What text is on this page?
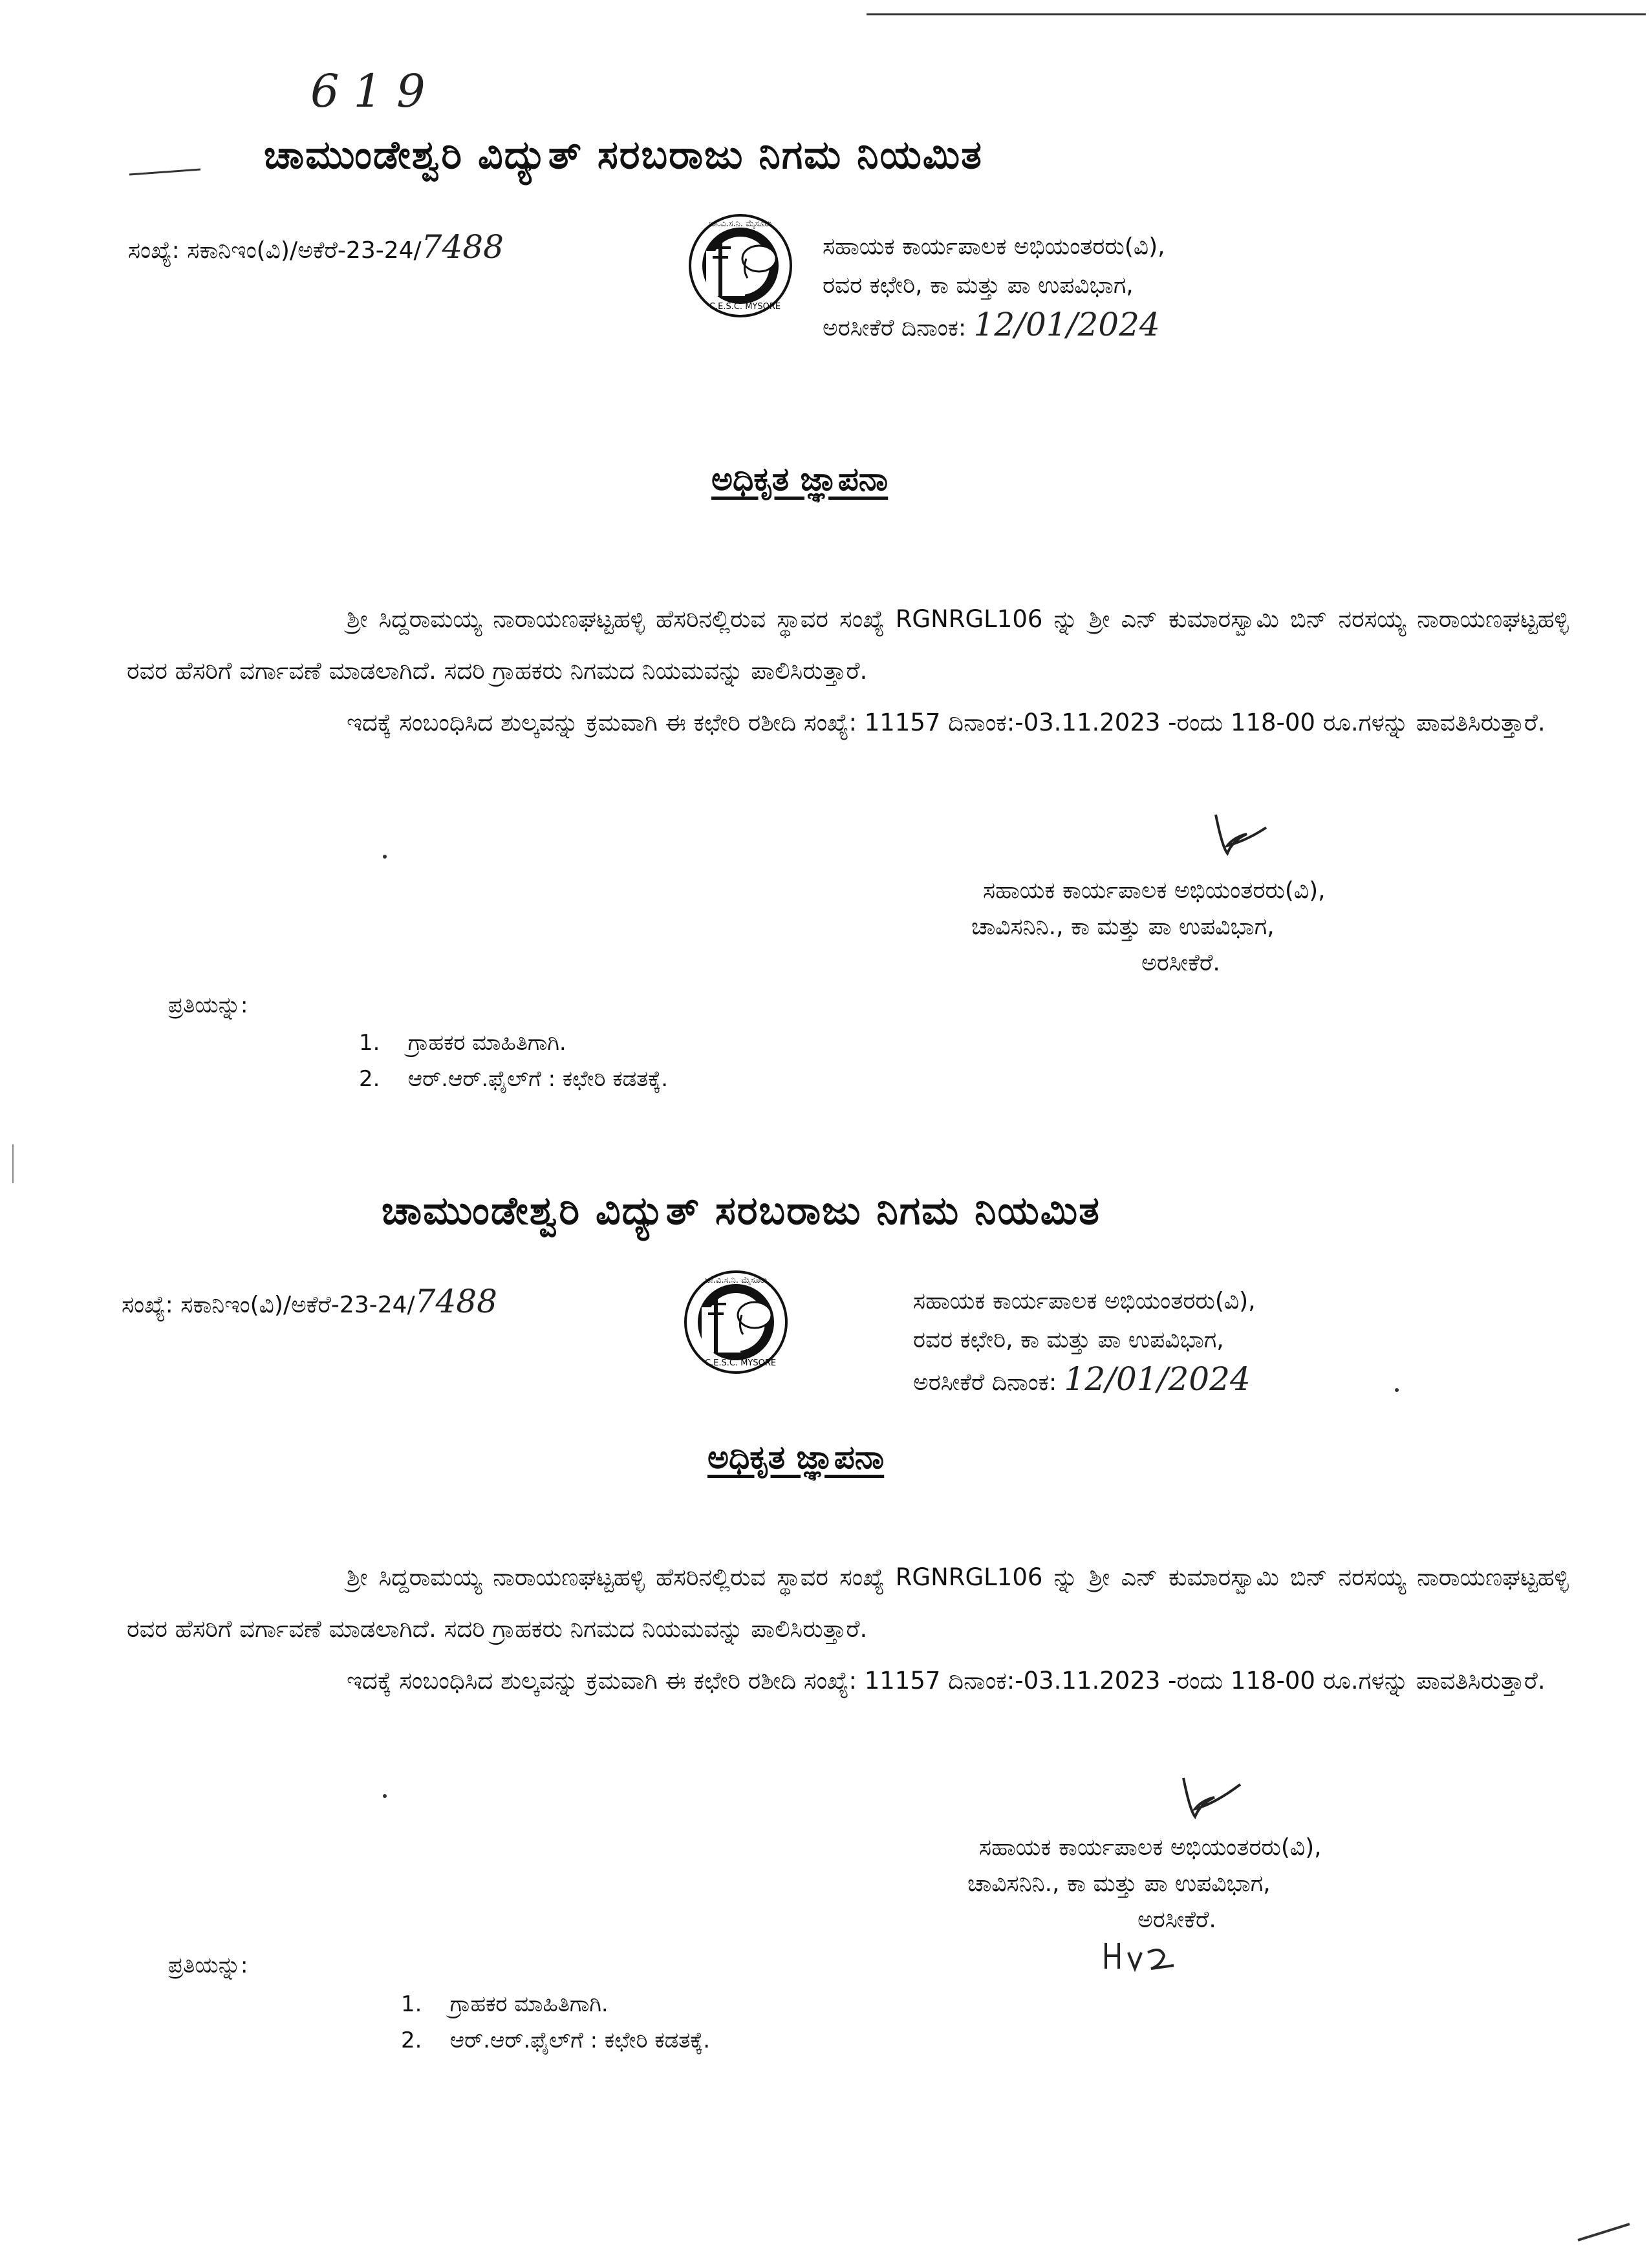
619
ಚಾಮುಂಡೇಶ್ವರಿ ವಿದ್ಯುತ್ ಸರಬರಾಜು ನಿಗಮ ನಿಯಮಿತ
ಸಂಖ್ಯೆ: ಸಕಾನಿಇಂ(ವಿ)/ಅಕೆರೆ-23-24/7488
ಚಾ.ವಿ.ಸ.ನಿ. ಮೈಸೂರು
C.E.S.C. MYSORE
ಸಹಾಯಕ ಕಾರ್ಯಪಾಲಕ ಅಭಿಯಂತರರು(ವಿ),
ರವರ ಕಛೇರಿ, ಕಾ ಮತ್ತು ಪಾ ಉಪವಿಭಾಗ,
ಅರಸೀಕೆರೆ ದಿನಾಂಕ: 12/01/2024
ಅಧಿಕೃತ ಜ್ಞಾಪನಾ

ಶ್ರೀ ಸಿದ್ದರಾಮಯ್ಯ ನಾರಾಯಣಘಟ್ಟಹಳ್ಳಿ ಹೆಸರಿನಲ್ಲಿರುವ ಸ್ಥಾವರ ಸಂಖ್ಯೆ RGNRGL106 ನ್ನು ಶ್ರೀ ಎನ್ ಕುಮಾರಸ್ವಾಮಿ ಬಿನ್ ನರಸಯ್ಯ ನಾರಾಯಣಘಟ್ಟಹಳ್ಳಿ ರವರ ಹೆಸರಿಗೆ ವರ್ಗಾವಣೆ ಮಾಡಲಾಗಿದೆ. ಸದರಿ ಗ್ರಾಹಕರು ನಿಗಮದ ನಿಯಮವನ್ನು ಪಾಲಿಸಿರುತ್ತಾರೆ.

ಇದಕ್ಕೆ ಸಂಬಂಧಿಸಿದ ಶುಲ್ಕವನ್ನು ಕ್ರಮವಾಗಿ ಈ ಕಛೇರಿ ರಶೀದಿ ಸಂಖ್ಯೆ: 11157 ದಿನಾಂಕ:-03.11.2023 -ರಂದು 118-00 ರೂ.ಗಳನ್ನು ಪಾವತಿಸಿರುತ್ತಾರೆ.

ಸಹಾಯಕ ಕಾರ್ಯಪಾಲಕ ಅಭಿಯಂತರರು(ವಿ),
ಚಾವಿಸನಿನಿ., ಕಾ ಮತ್ತು ಪಾ ಉಪವಿಭಾಗ,
ಅರಸೀಕೆರೆ.
ಪ್ರತಿಯನ್ನು:
1.    ಗ್ರಾಹಕರ ಮಾಹಿತಿಗಾಗಿ.
2.    ಆರ್.ಆರ್.ಫೈಲ್‌ಗೆ : ಕಛೇರಿ ಕಡತಕ್ಕೆ.
ಚಾಮುಂಡೇಶ್ವರಿ ವಿದ್ಯುತ್ ಸರಬರಾಜು ನಿಗಮ ನಿಯಮಿತ
ಸಂಖ್ಯೆ: ಸಕಾನಿಇಂ(ವಿ)/ಅಕೆರೆ-23-24/7488
ಚಾ.ವಿ.ಸ.ನಿ. ಮೈಸೂರು
C.E.S.C. MYSORE
ಸಹಾಯಕ ಕಾರ್ಯಪಾಲಕ ಅಭಿಯಂತರರು(ವಿ),
ರವರ ಕಛೇರಿ, ಕಾ ಮತ್ತು ಪಾ ಉಪವಿಭಾಗ,
ಅರಸೀಕೆರೆ ದಿನಾಂಕ: 12/01/2024
ಅಧಿಕೃತ ಜ್ಞಾಪನಾ

ಶ್ರೀ ಸಿದ್ದರಾಮಯ್ಯ ನಾರಾಯಣಘಟ್ಟಹಳ್ಳಿ ಹೆಸರಿನಲ್ಲಿರುವ ಸ್ಥಾವರ ಸಂಖ್ಯೆ RGNRGL106 ನ್ನು ಶ್ರೀ ಎನ್ ಕುಮಾರಸ್ವಾಮಿ ಬಿನ್ ನರಸಯ್ಯ ನಾರಾಯಣಘಟ್ಟಹಳ್ಳಿ ರವರ ಹೆಸರಿಗೆ ವರ್ಗಾವಣೆ ಮಾಡಲಾಗಿದೆ. ಸದರಿ ಗ್ರಾಹಕರು ನಿಗಮದ ನಿಯಮವನ್ನು ಪಾಲಿಸಿರುತ್ತಾರೆ.

ಇದಕ್ಕೆ ಸಂಬಂಧಿಸಿದ ಶುಲ್ಕವನ್ನು ಕ್ರಮವಾಗಿ ಈ ಕಛೇರಿ ರಶೀದಿ ಸಂಖ್ಯೆ: 11157 ದಿನಾಂಕ:-03.11.2023 -ರಂದು 118-00 ರೂ.ಗಳನ್ನು ಪಾವತಿಸಿರುತ್ತಾರೆ.

ಸಹಾಯಕ ಕಾರ್ಯಪಾಲಕ ಅಭಿಯಂತರರು(ವಿ),
ಚಾವಿಸನಿನಿ., ಕಾ ಮತ್ತು ಪಾ ಉಪವಿಭಾಗ,
ಅರಸೀಕೆರೆ.
ಪ್ರತಿಯನ್ನು:
1.    ಗ್ರಾಹಕರ ಮಾಹಿತಿಗಾಗಿ.
2.    ಆರ್.ಆರ್.ಫೈಲ್‌ಗೆ : ಕಛೇರಿ ಕಡತಕ್ಕೆ.
